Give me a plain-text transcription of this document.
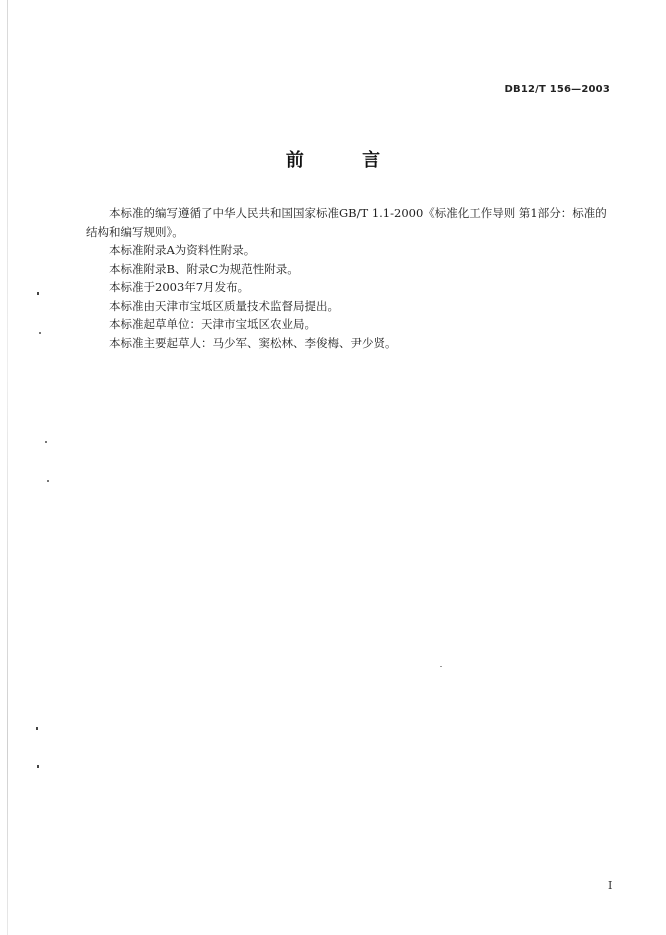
DB12/T 156—2003
前 言

本标准的编写遵循了中华人民共和国国家标准GB/T 1.1-2000《标准化工作导则 第1部分：标准的结构和编写规则》。

本标准附录A为资料性附录。

本标准附录B、附录C为规范性附录。

本标准于2003年7月发布。

本标准由天津市宝坻区质量技术监督局提出。

本标准起草单位：天津市宝坻区农业局。

本标准主要起草人：马少军、窦松林、李俊梅、尹少贤。

I
